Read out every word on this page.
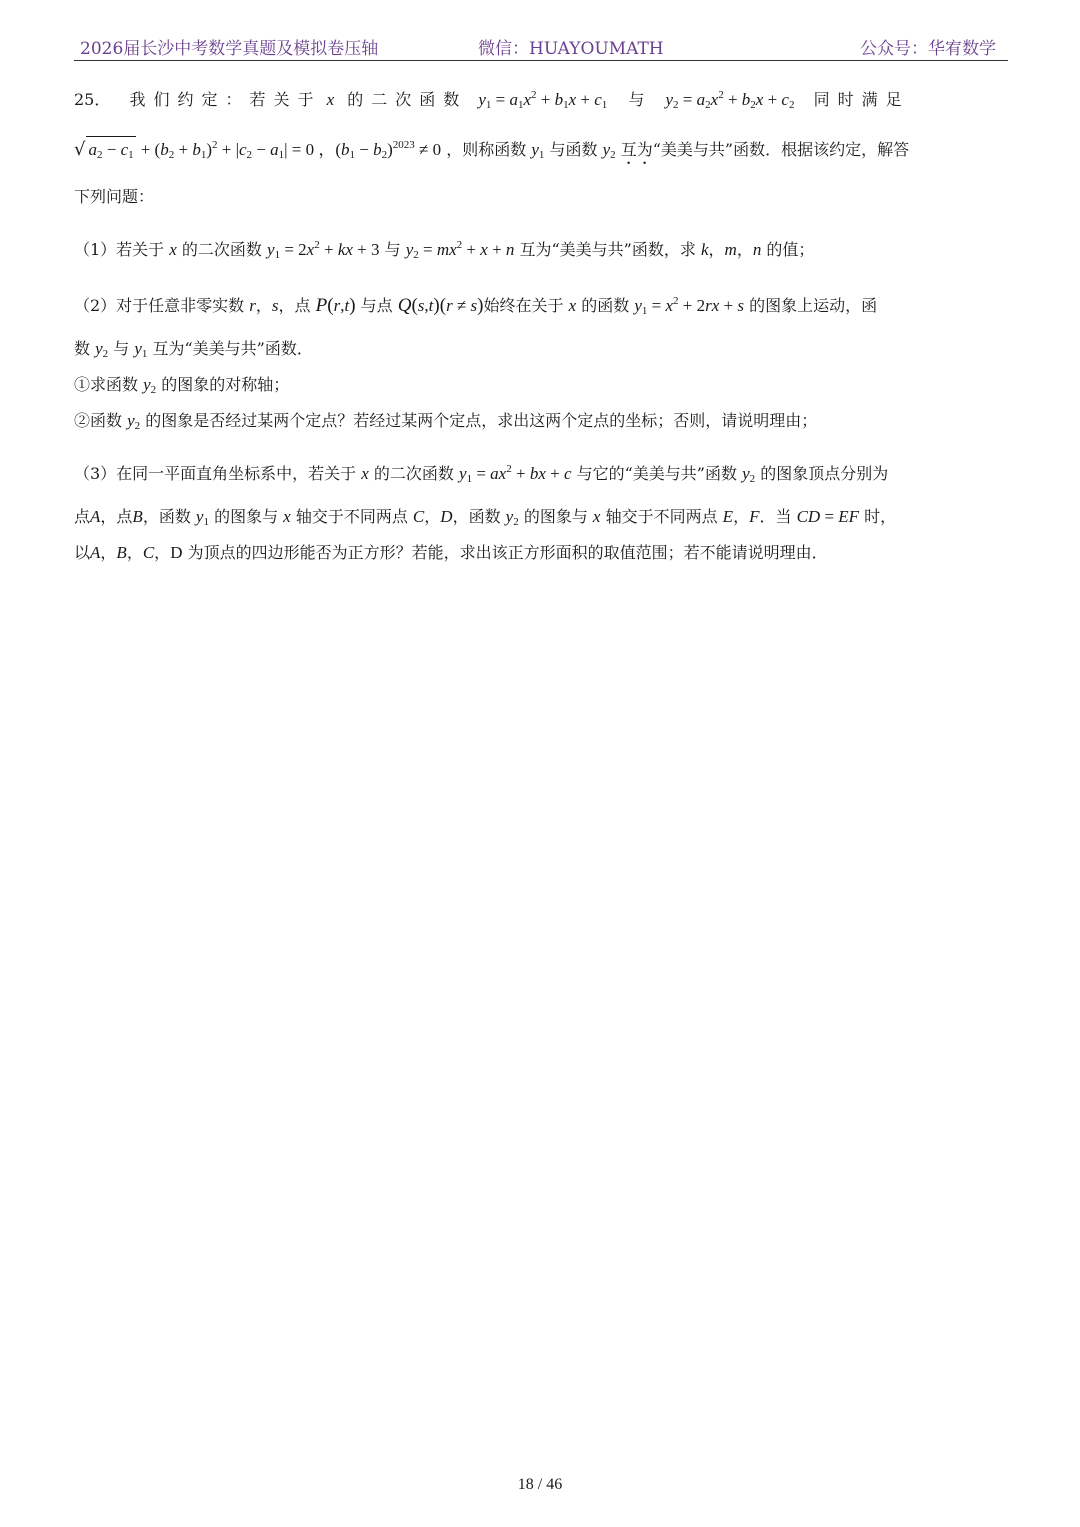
2026届长沙中考数学真题及模拟卷压轴	微信：HUAYOUMATH	公众号：华宥数学
25． 我们约定：若关于 x 的二次函数 $y_1 = a_1x^2 + b_1x + c_1$ 与 $y_2 = a_2x^2 + b_2x + c_2$ 同时满足
√ $a_2 - c_1 + (b_2 + b_1)^2 + |c_2 - a_1| = 0$ ，$(b_1 - b_2)^{2023} \ne 0$ ，则称函数 $y_1$ 与函数 $y_2$ 互为“美美与共”函数．根据该约定，解答
下列问题：
（1）若关于 x 的二次函数 $y_1 = 2x^2$ + kx + 3 与 $y_2 = mx^2 + x + n$ 互为“美美与共”函数，求 k，m，n 的值；
（2）对于任意非零实数 r，s，点 P(r,t) 与点 Q(s,t)(r ≠ s)始终在关于 x 的函数 $y_1 = x^2 + 2rx + s$ 的图象上运动，函
数 $y_2$ 与 $y_1$ 互为“美美与共”函数．
①求函数 $y_2$ 的图象的对称轴；
②函数 $y_2$ 的图象是否经过某两个定点？若经过某两个定点，求出这两个定点的坐标；否则，请说明理由；
（3）在同一平面直角坐标系中，若关于 x 的二次函数 $y_1 = ax^2$ + bx + c 与它的“美美与共”函数 $y_2$ 的图象顶点分别为
点A，点B，函数 $y_1$ 的图象与 x 轴交于不同两点 C，D，函数 $y_2$ 的图象与 x 轴交于不同两点 E，F．当 CD = EF 时，
以A，B，C，D 为顶点的四边形能否为正方形？若能，求出该正方形面积的取值范围；若不能请说明理由．
18 / 46
